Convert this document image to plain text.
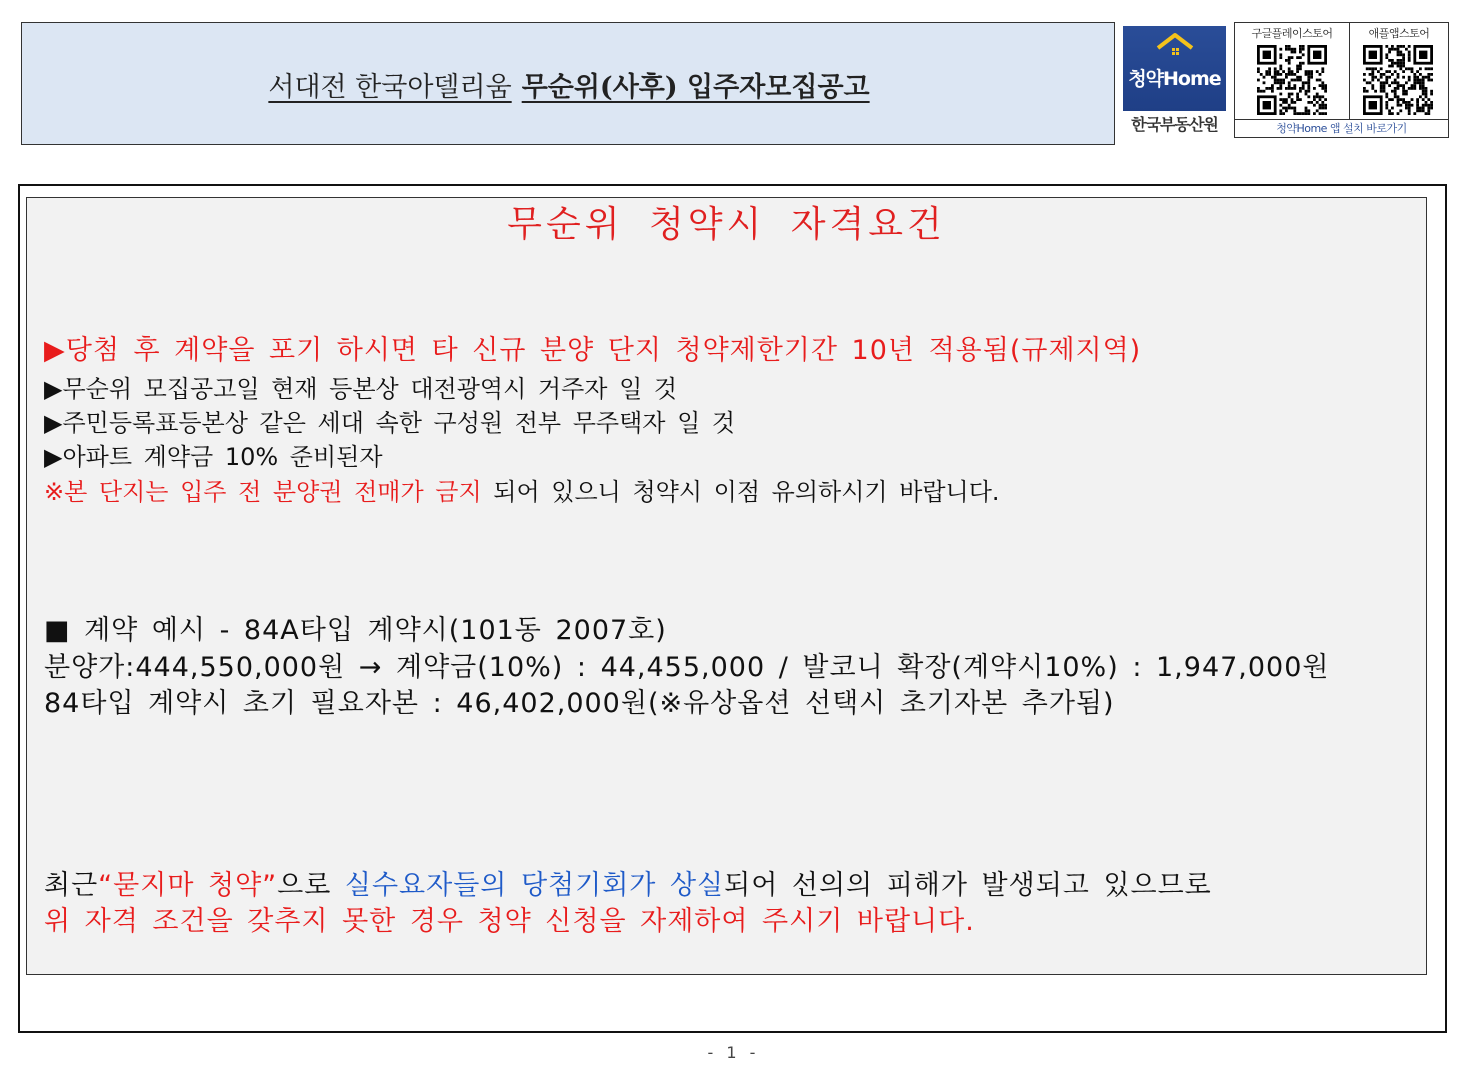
서대전 한국아델리움 무순위(사후) 입주자모집공고	청약Home
한국부동산원
구글플레이스토어	애플앱스토어
청약Home 앱 설치 바로가기
무순위 청약시 자격요건
▶당첨 후 계약을 포기 하시면 타 신규 분양 단지 청약제한기간 10년 적용됨(규제지역)
▶무순위 모집공고일 현재 등본상 대전광역시 거주자 일 것
▶주민등록표등본상 같은 세대 속한 구성원 전부 무주택자 일 것
▶아파트 계약금 10% 준비된자
※본 단지는 입주 전 분양권 전매가 금지 되어 있으니 청약시 이점 유의하시기 바랍니다.
■ 계약 예시 - 84A타입 계약시(101동 2007호)
분양가:444,550,000원 → 계약금(10%) : 44,455,000 / 발코니 확장(계약시10%) : 1,947,000원
84타입 계약시 초기 필요자본 : 46,402,000원(※유상옵션 선택시 초기자본 추가됨)
최근“묻지마 청약”으로 실수요자들의 당첨기회가 상실되어 선의의 피해가 발생되고 있으므로
위 자격 조건을 갖추지 못한 경우 청약 신청을 자제하여 주시기 바랍니다.
- 1 -
